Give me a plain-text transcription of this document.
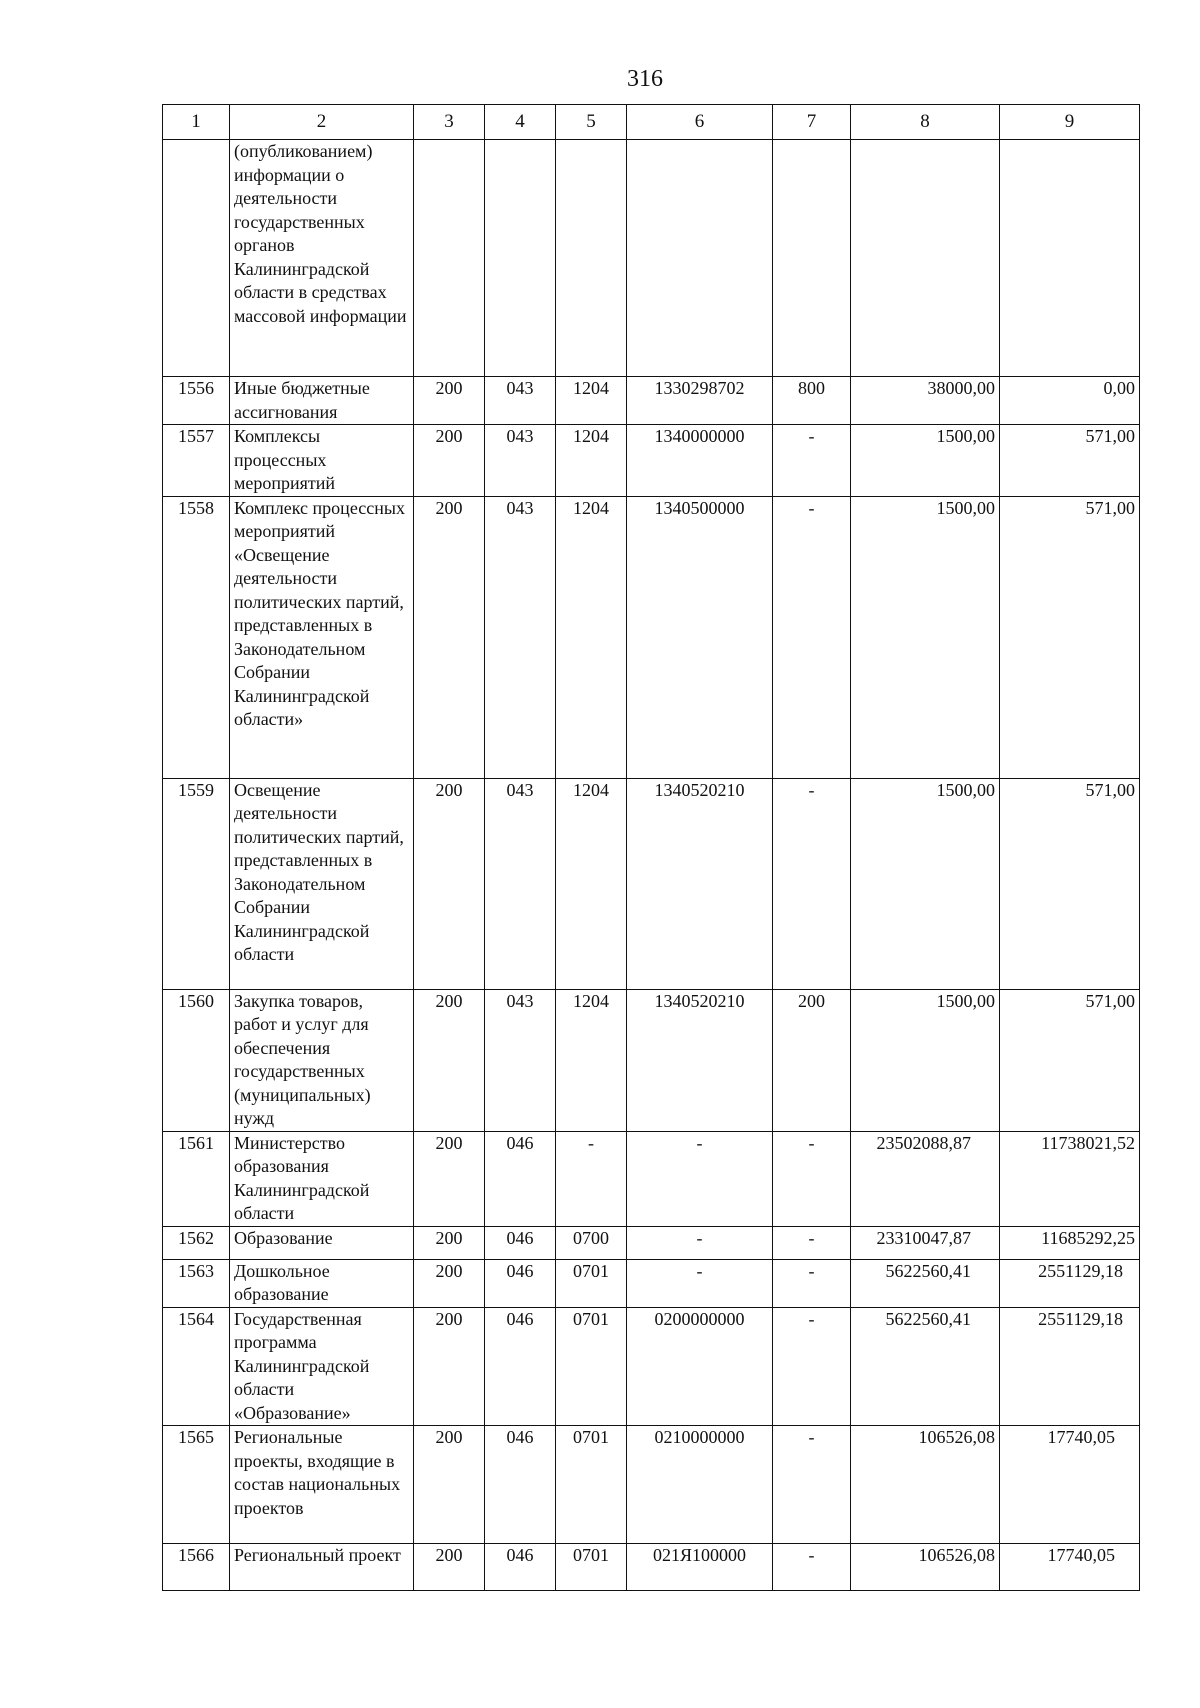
316
1	2	3	4	5	6	7	8	9
	(опубликованием) информации о деятельности государственных органов Калининградской области в средствах массовой информации							
1556	Иные бюджетные ассигнования	200	043	1204	1330298702	800	38000,00	0,00
1557	Комплексы процессных мероприятий	200	043	1204	1340000000	-	1500,00	571,00
1558	Комплекс процессных мероприятий «Освещение деятельности политических партий, представленных в Законодательном Собрании Калининградской области»	200	043	1204	1340500000	-	1500,00	571,00
1559	Освещение деятельности политических партий, представленных в Законодательном Собрании Калининградской области	200	043	1204	1340520210	-	1500,00	571,00
1560	Закупка товаров, работ и услуг для обеспечения государственных (муниципальных) нужд	200	043	1204	1340520210	200	1500,00	571,00
1561	Министерство образования Калининградской области	200	046	-	-	-	23502088,87	11738021,52
1562	Образование	200	046	0700	-	-	23310047,87	11685292,25
1563	Дошкольное образование	200	046	0701	-	-	5622560,41	2551129,18
1564	Государственная программа Калининградской области «Образование»	200	046	0701	0200000000	-	5622560,41	2551129,18
1565	Региональные проекты, входящие в состав национальных проектов	200	046	0701	0210000000	-	106526,08	17740,05
1566	Региональный проект	200	046	0701	021Я100000	-	106526,08	17740,05
